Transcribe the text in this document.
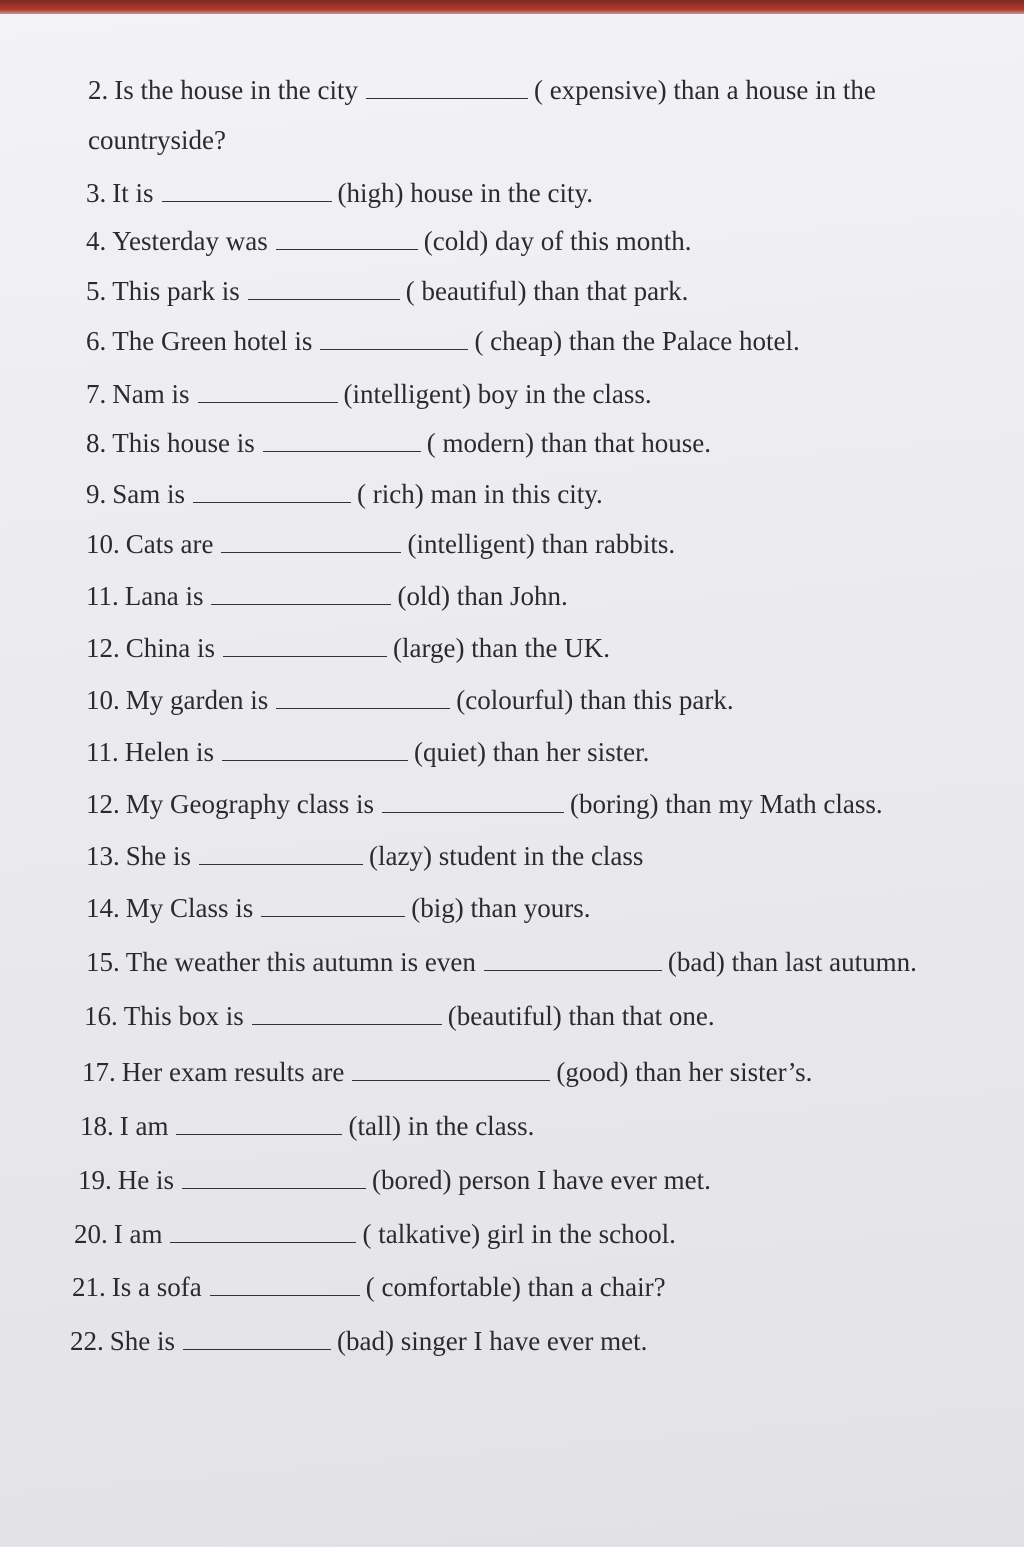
2. Is the house in the city	( expensive) than a house in the
countryside?
3. It is	(high) house in the city.
4. Yesterday was	(cold) day of this month.
5. This park is	( beautiful) than that park.
6. The Green hotel is	( cheap) than the Palace hotel.
7. Nam is	(intelligent) boy in the class.
8. This house is	( modern) than that house.
9. Sam is	( rich) man in this city.
10. Cats are	(intelligent) than rabbits.
11. Lana is	(old) than John.
12. China is	(large) than the UK.
10. My garden is	(colourful) than this park.
11. Helen is	(quiet) than her sister.
12. My Geography class is	(boring) than my Math class.
13. She is	(lazy) student in the class
14. My Class is	(big) than yours.
15. The weather this autumn is even	(bad) than last autumn.
16. This box is	(beautiful) than that one.
17. Her exam results are	(good) than her sister’s.
18. I am	(tall) in the class.
19. He is	(bored) person I have ever met.
20. I am	( talkative) girl in the school.
21. Is a sofa	( comfortable) than a chair?
22. She is	(bad) singer I have ever met.
